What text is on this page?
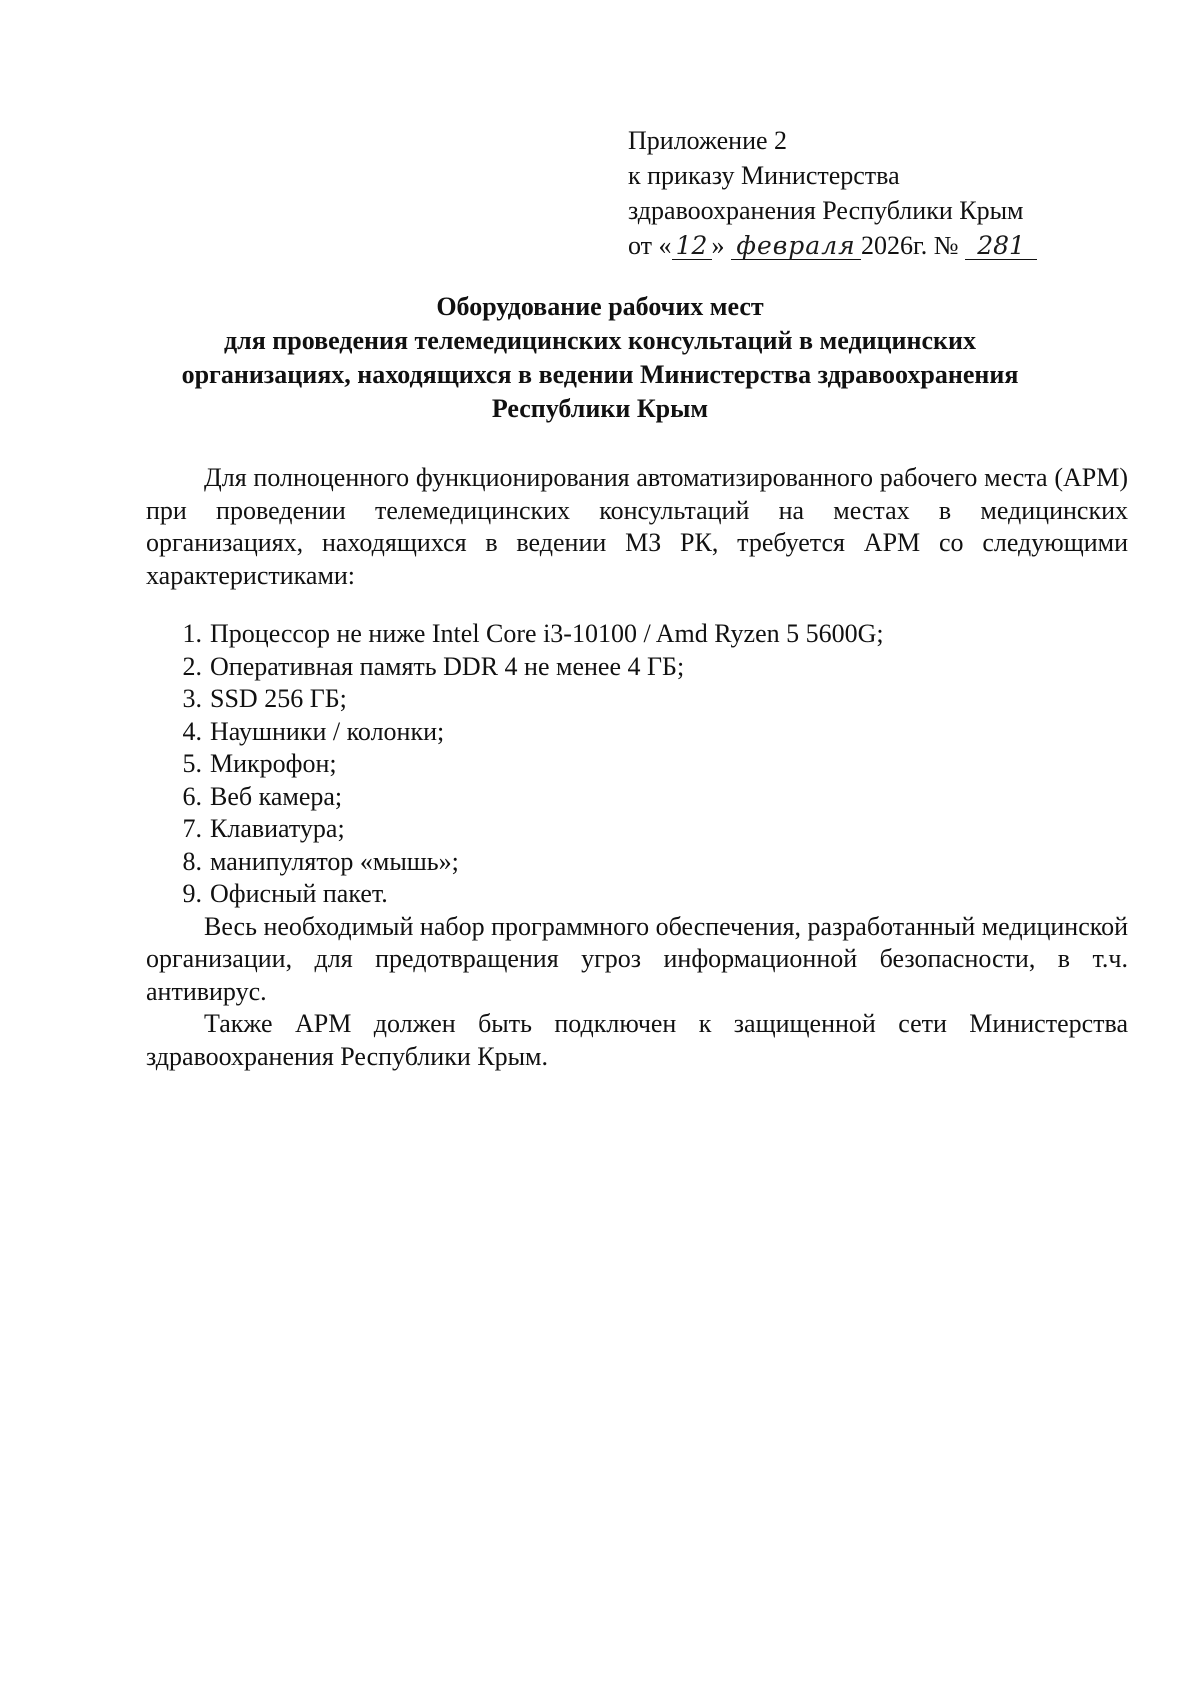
Приложение 2
к приказу Министерства
здравоохранения Республики Крым
от « 12 » февраля 2026г. № 281
Оборудование рабочих мест
для проведения телемедицинских консультаций в медицинских
организациях, находящихся в ведении Министерства здравоохранения
Республики Крым

Для полноценного функционирования автоматизированного рабочего места (АРМ) при проведении телемедицинских консультаций на местах в медицинских организациях, находящихся в ведении МЗ РК, требуется АРМ со следующими характеристиками:

1. Процессор не ниже Intel Core i3-10100 / Amd Ryzen 5 5600G;
2. Оперативная память DDR 4 не менее 4 ГБ;
3. SSD 256 ГБ;
4. Наушники / колонки;
5. Микрофон;
6. Веб камера;
7. Клавиатура;
8. манипулятор «мышь»;
9. Офисный пакет.

Весь необходимый набор программного обеспечения, разработанный медицинской организации, для предотвращения угроз информационной безопасности, в т.ч. антивирус.

Также АРМ должен быть подключен к защищенной сети Министерства здравоохранения Республики Крым.
